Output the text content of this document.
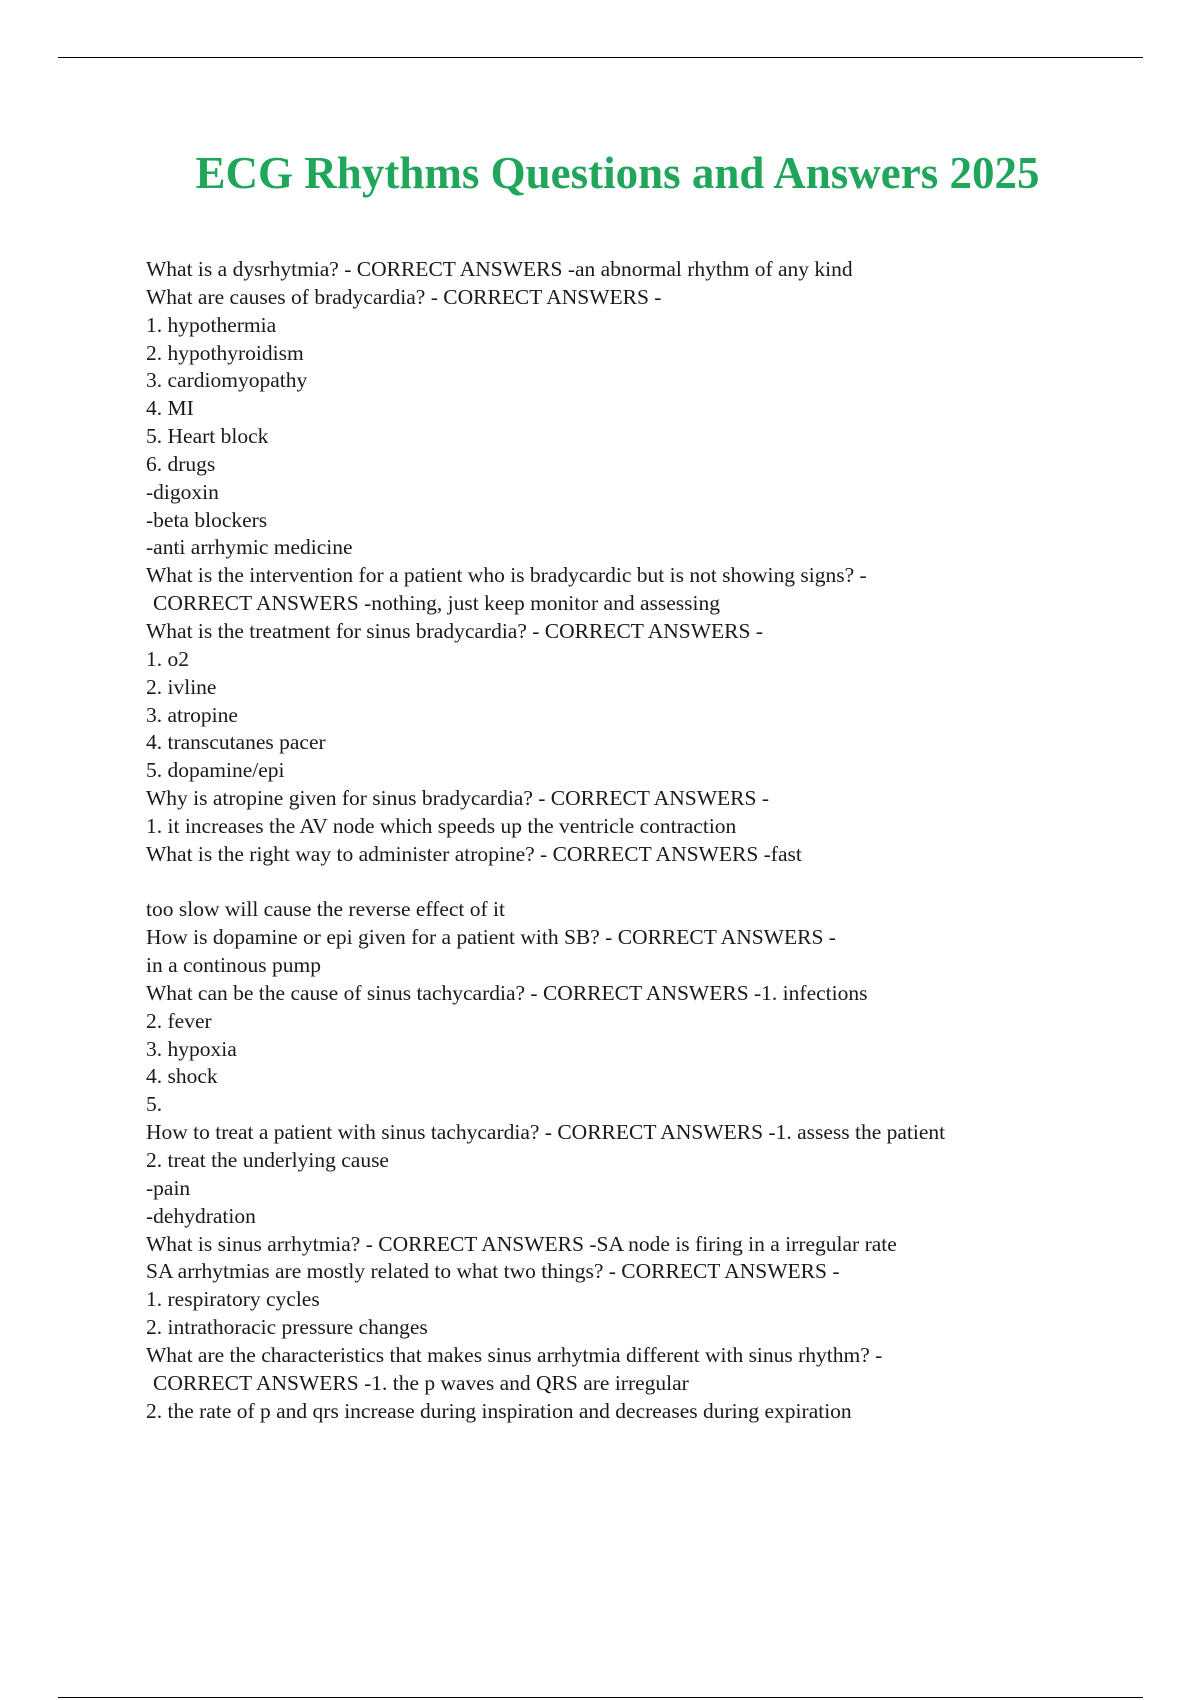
ECG Rhythms Questions and Answers 2025

What is a dysrhytmia? - CORRECT ANSWERS -an abnormal rhythm of any kind

What are causes of bradycardia? - CORRECT ANSWERS -

1. hypothermia

2. hypothyroidism

3. cardiomyopathy

4. MI

5. Heart block

6. drugs

-digoxin

-beta blockers

-anti arrhymic medicine

What is the intervention for a patient who is bradycardic but is not showing signs? -

CORRECT ANSWERS -nothing, just keep monitor and assessing

What is the treatment for sinus bradycardia? - CORRECT ANSWERS -

1. o2

2. ivline

3. atropine

4. transcutanes pacer

5. dopamine/epi

Why is atropine given for sinus bradycardia? - CORRECT ANSWERS -

1. it increases the AV node which speeds up the ventricle contraction

What is the right way to administer atropine? - CORRECT ANSWERS -fast

too slow will cause the reverse effect of it

How is dopamine or epi given for a patient with SB? - CORRECT ANSWERS -

in a continous pump

What can be the cause of sinus tachycardia? - CORRECT ANSWERS -1. infections

2. fever

3. hypoxia

4. shock

5.

How to treat a patient with sinus tachycardia? - CORRECT ANSWERS -1. assess the patient

2. treat the underlying cause

-pain

-dehydration

What is sinus arrhytmia? - CORRECT ANSWERS -SA node is firing in a irregular rate

SA arrhytmias are mostly related to what two things? - CORRECT ANSWERS -

1. respiratory cycles

2. intrathoracic pressure changes

What are the characteristics that makes sinus arrhytmia different with sinus rhythm? -

CORRECT ANSWERS -1. the p waves and QRS are irregular

2. the rate of p and qrs increase during inspiration and decreases during expiration
